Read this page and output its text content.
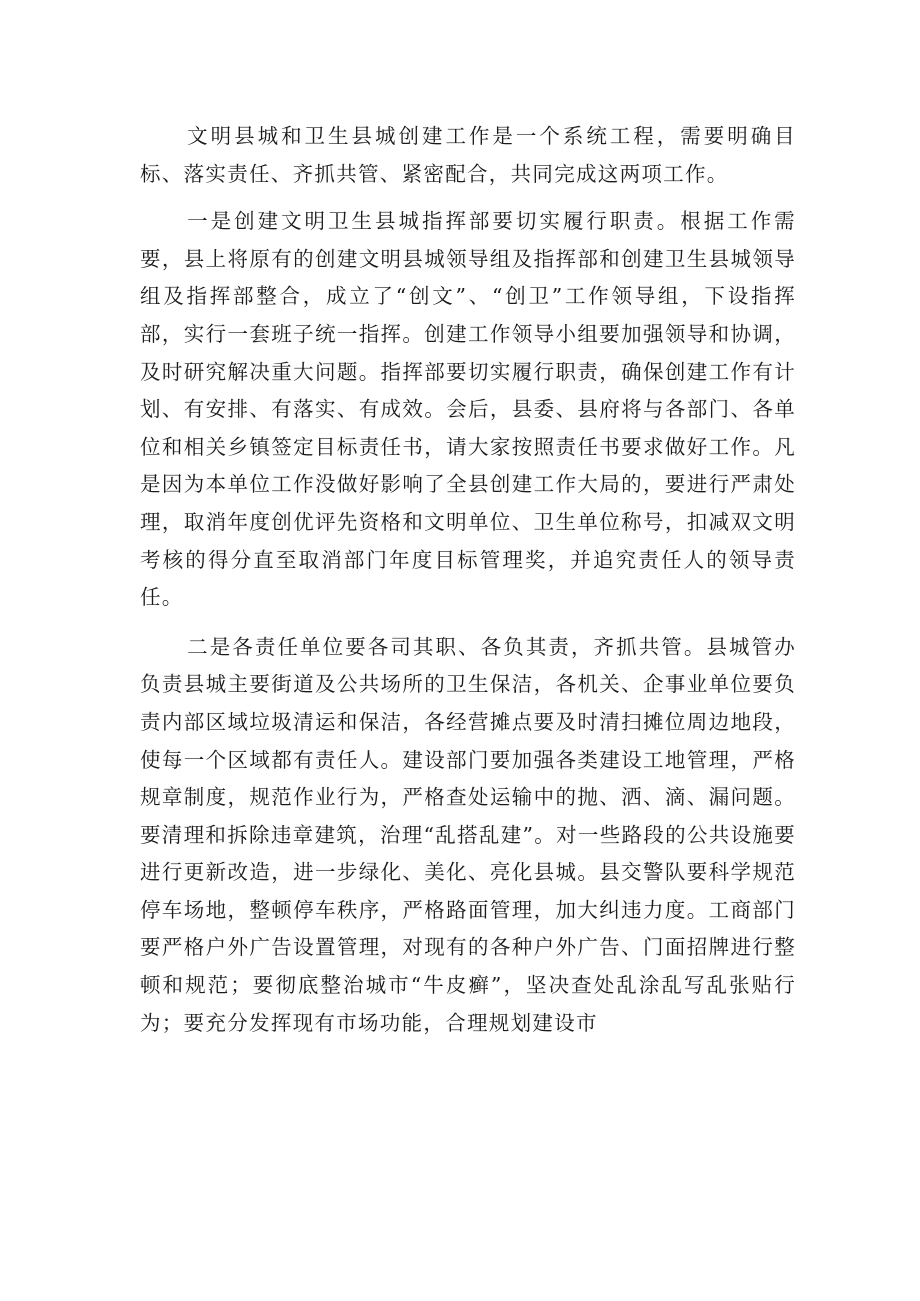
文明县城和卫生县城创建工作是一个系统工程，需要明确目标、落实责任、齐抓共管、紧密配合，共同完成这两项工作。

一是创建文明卫生县城指挥部要切实履行职责。根据工作需要，县上将原有的创建文明县城领导组及指挥部和创建卫生县城领导组及指挥部整合，成立了“创文”、“创卫”工作领导组，下设指挥部，实行一套班子统一指挥。创建工作领导小组要加强领导和协调，及时研究解决重大问题。指挥部要切实履行职责，确保创建工作有计划、有安排、有落实、有成效。会后，县委、县府将与各部门、各单位和相关乡镇签定目标责任书，请大家按照责任书要求做好工作。凡是因为本单位工作没做好影响了全县创建工作大局的，要进行严肃处理，取消年度创优评先资格和文明单位、卫生单位称号，扣减双文明考核的得分直至取消部门年度目标管理奖，并追究责任人的领导责任。

二是各责任单位要各司其职、各负其责，齐抓共管。县城管办负责县城主要街道及公共场所的卫生保洁，各机关、企事业单位要负责内部区域垃圾清运和保洁，各经营摊点要及时清扫摊位周边地段，使每一个区域都有责任人。建设部门要加强各类建设工地管理，严格规章制度，规范作业行为，严格查处运输中的抛、洒、滴、漏问题。要清理和拆除违章建筑，治理“乱搭乱建”。对一些路段的公共设施要进行更新改造，进一步绿化、美化、亮化县城。县交警队要科学规范停车场地，整顿停车秩序，严格路面管理，加大纠违力度。工商部门要严格户外广告设置管理，对现有的各种户外广告、门面招牌进行整顿和规范；要彻底整治城市“牛皮癣”，坚决查处乱涂乱写乱张贴行为；要充分发挥现有市场功能，合理规划建设市
